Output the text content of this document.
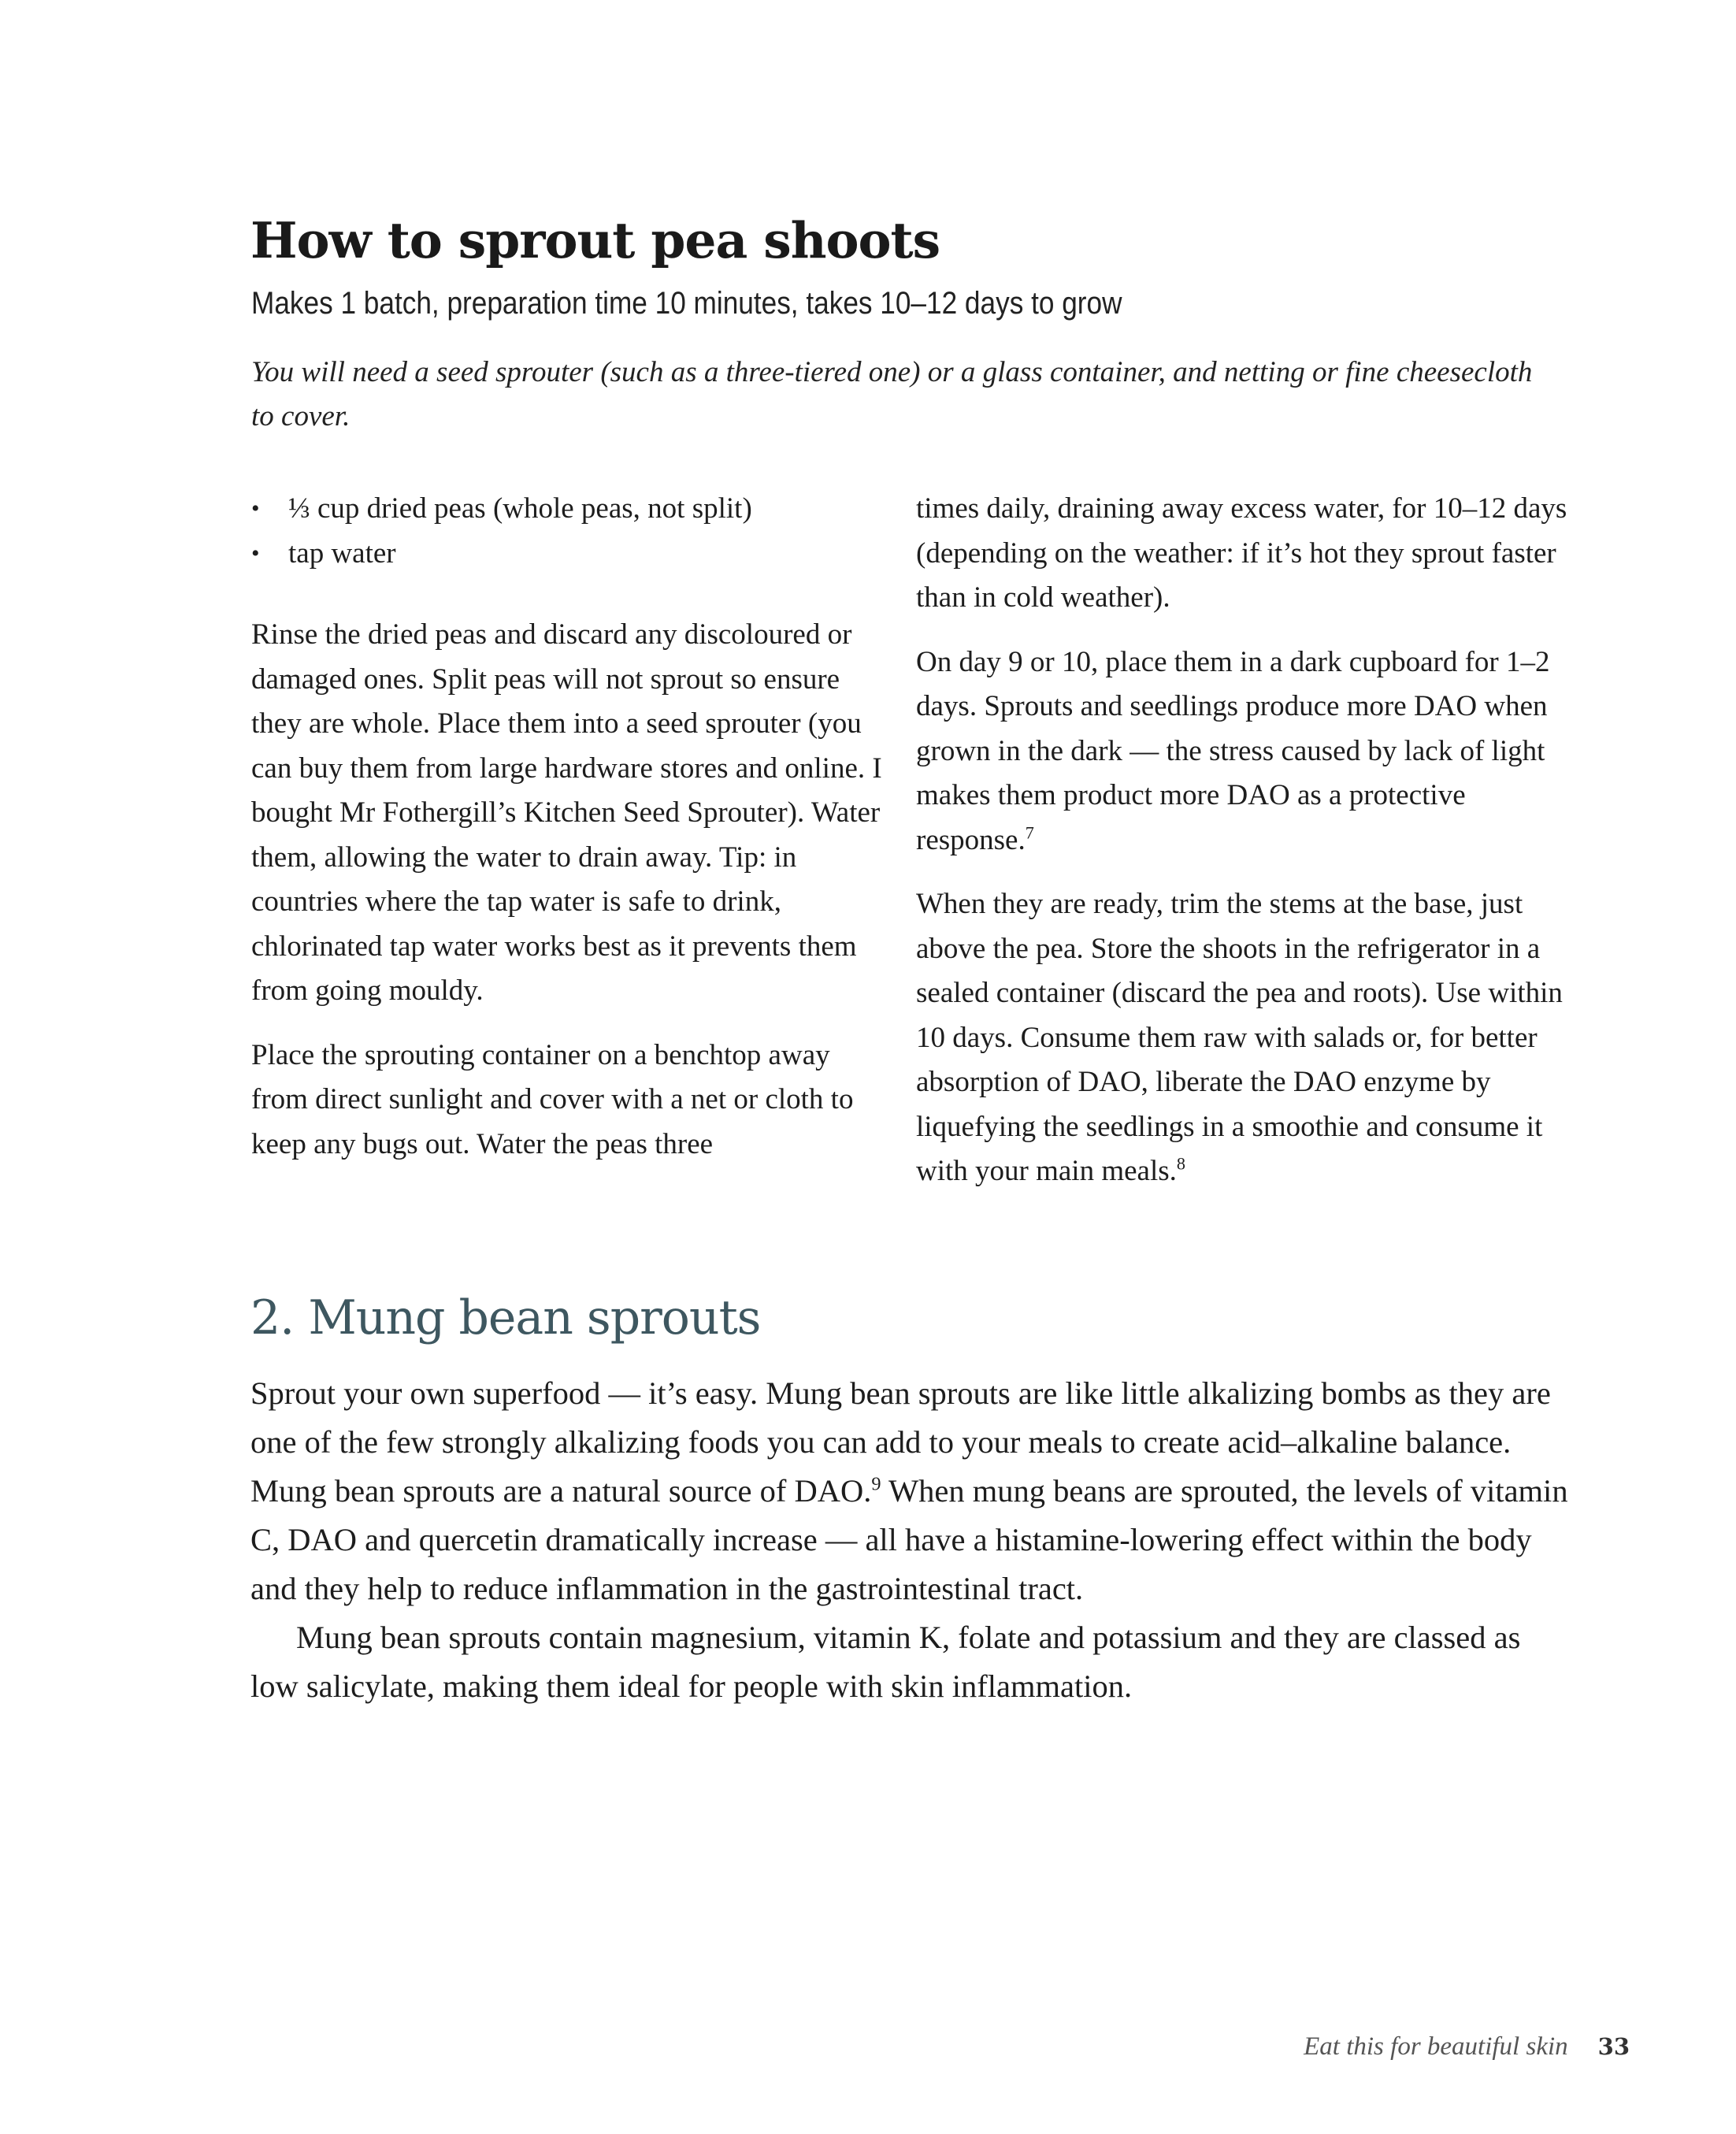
How to sprout pea shoots

Makes 1 batch, preparation time 10 minutes, takes 10–12 days to grow

You will need a seed sprouter (such as a three-tiered one) or a glass container, and netting or fine cheesecloth to cover.

• ⅓ cup dried peas (whole peas, not split)
• tap water

Rinse the dried peas and discard any discoloured or damaged ones. Split peas will not sprout so ensure they are whole. Place them into a seed sprouter (you can buy them from large hardware stores and online. I bought Mr Fothergill’s Kitchen Seed Sprouter). Water them, allowing the water to drain away. Tip: in countries where the tap water is safe to drink, chlorinated tap water works best as it prevents them from going mouldy.

Place the sprouting container on a benchtop away from direct sunlight and cover with a net or cloth to keep any bugs out. Water the peas three

times daily, draining away excess water, for 10–12 days (depending on the weather: if it’s hot they sprout faster than in cold weather).

On day 9 or 10, place them in a dark cupboard for 1–2 days. Sprouts and seedlings produce more DAO when grown in the dark — the stress caused by lack of light makes them product more DAO as a protective response.$^7$

When they are ready, trim the stems at the base, just above the pea. Store the shoots in the refrigerator in a sealed container (discard the pea and roots). Use within 10 days. Consume them raw with salads or, for better absorption of DAO, liberate the DAO enzyme by liquefying the seedlings in a smoothie and consume it with your main meals.$^8$

2. Mung bean sprouts

Sprout your own superfood — it’s easy. Mung bean sprouts are like little alkalizing bombs as they are one of the few strongly alkalizing foods you can add to your meals to create acid–alkaline balance. Mung bean sprouts are a natural source of DAO.$^9$ When mung beans are sprouted, the levels of vitamin C, DAO and quercetin dramatically increase — all have a histamine-lowering effect within the body and they help to reduce inflammation in the gastrointestinal tract.

Mung bean sprouts contain magnesium, vitamin K, folate and potassium and they are classed as low salicylate, making them ideal for people with skin inflammation.

Eat this for beautiful skin 33
